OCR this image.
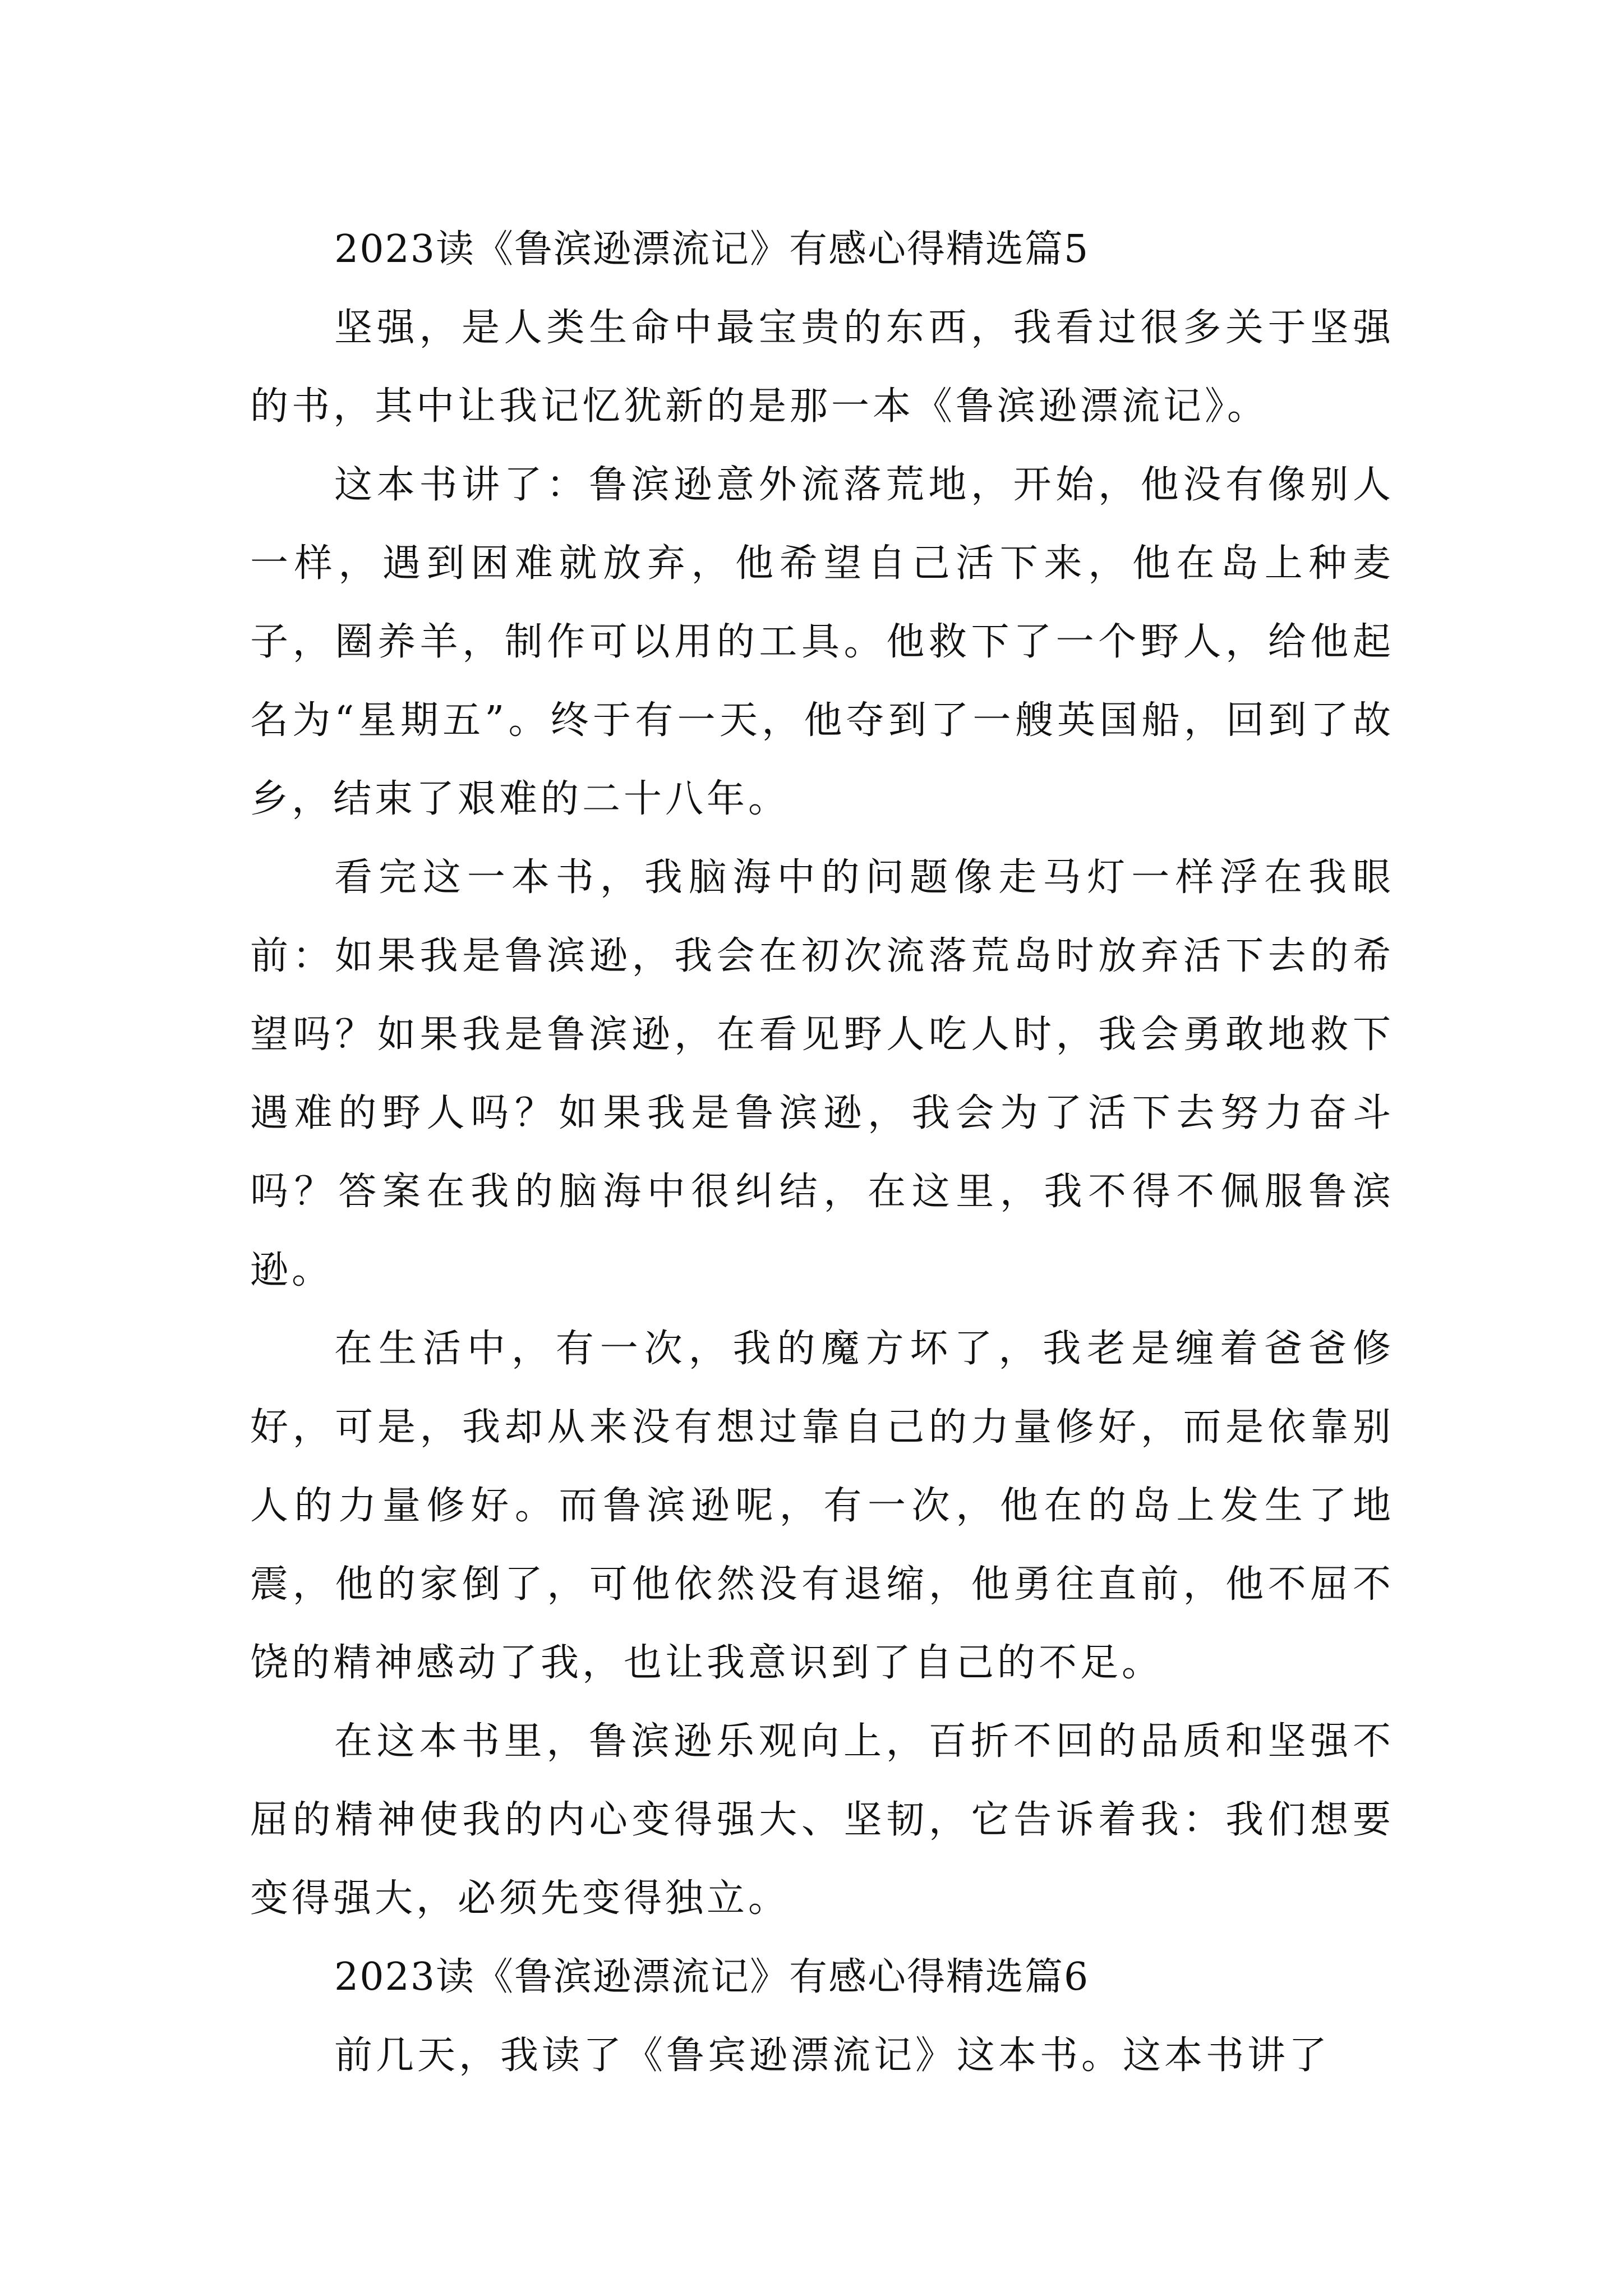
2023读《鲁滨逊漂流记》有感心得精选篇5

坚强，是人类生命中最宝贵的东西，我看过很多关于坚强的书，其中让我记忆犹新的是那一本《鲁滨逊漂流记》。

这本书讲了：鲁滨逊意外流落荒地，开始，他没有像别人一样，遇到困难就放弃，他希望自己活下来，他在岛上种麦子，圈养羊，制作可以用的工具。他救下了一个野人，给他起名为“星期五”。终于有一天，他夺到了一艘英国船，回到了故乡，结束了艰难的二十八年。

看完这一本书，我脑海中的问题像走马灯一样浮在我眼前：如果我是鲁滨逊，我会在初次流落荒岛时放弃活下去的希望吗？如果我是鲁滨逊，在看见野人吃人时，我会勇敢地救下遇难的野人吗？如果我是鲁滨逊，我会为了活下去努力奋斗吗？答案在我的脑海中很纠结，在这里，我不得不佩服鲁滨逊。

在生活中，有一次，我的魔方坏了，我老是缠着爸爸修好，可是，我却从来没有想过靠自己的力量修好，而是依靠别人的力量修好。而鲁滨逊呢，有一次，他在的岛上发生了地震，他的家倒了，可他依然没有退缩，他勇往直前，他不屈不饶的精神感动了我，也让我意识到了自己的不足。

在这本书里，鲁滨逊乐观向上，百折不回的品质和坚强不屈的精神使我的内心变得强大、坚韧，它告诉着我：我们想要变得强大，必须先变得独立。

2023读《鲁滨逊漂流记》有感心得精选篇6

前几天，我读了《鲁宾逊漂流记》这本书。这本书讲了
